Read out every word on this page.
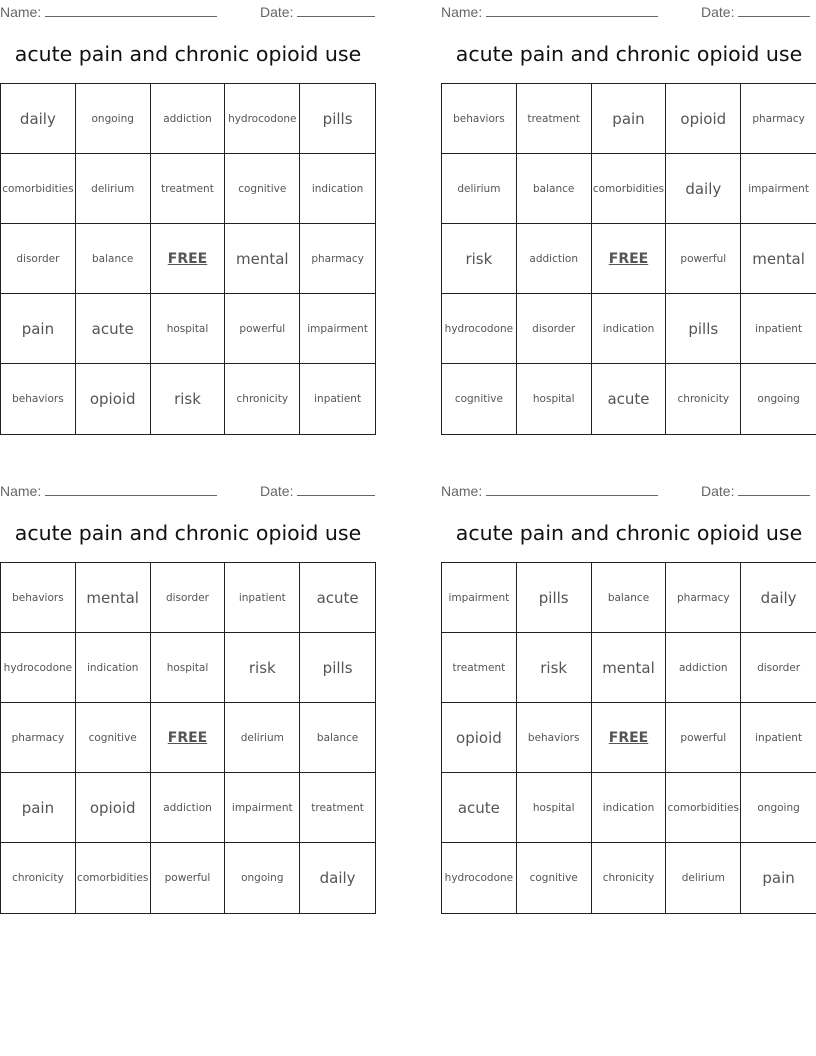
Name:	Date:
acute pain and chronic opioid use
daily	ongoing	addiction	hydrocodone	pills
comorbidities	delirium	treatment	cognitive	indication
disorder	balance	FREE	mental	pharmacy
pain	acute	hospital	powerful	impairment
behaviors	opioid	risk	chronicity	inpatient
Name:	Date:
acute pain and chronic opioid use
behaviors	treatment	pain	opioid	pharmacy
delirium	balance	comorbidities	daily	impairment
risk	addiction	FREE	powerful	mental
hydrocodone	disorder	indication	pills	inpatient
cognitive	hospital	acute	chronicity	ongoing
Name:	Date:
acute pain and chronic opioid use
behaviors	mental	disorder	inpatient	acute
hydrocodone	indication	hospital	risk	pills
pharmacy	cognitive	FREE	delirium	balance
pain	opioid	addiction	impairment	treatment
chronicity	comorbidities	powerful	ongoing	daily
Name:	Date:
acute pain and chronic opioid use
impairment	pills	balance	pharmacy	daily
treatment	risk	mental	addiction	disorder
opioid	behaviors	FREE	powerful	inpatient
acute	hospital	indication	comorbidities	ongoing
hydrocodone	cognitive	chronicity	delirium	pain
